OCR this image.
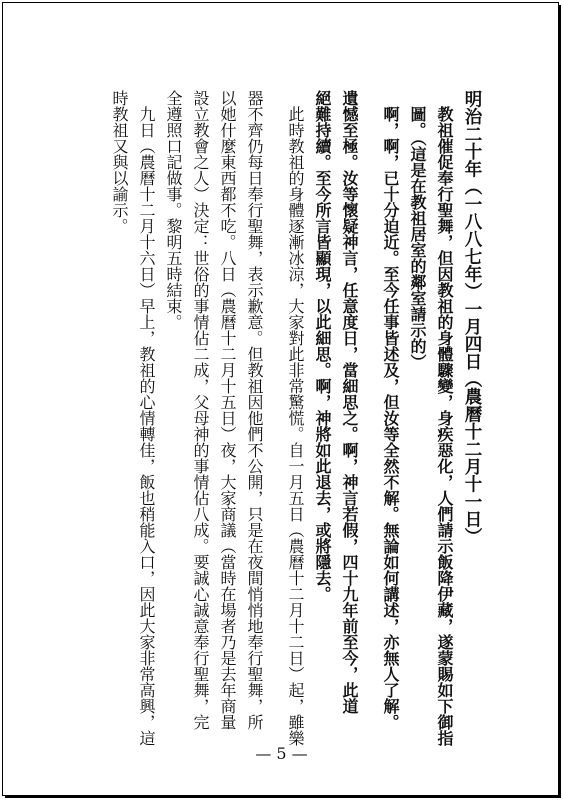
明治二十年（一八八七年）一月四日（農曆十二月十一日）

教祖催促奉行聖舞，但因教祖的身體驟變，身疾惡化，人們請示飯降伊藏，遂蒙賜如下御指

圖。（這是在教祖居室的鄰室請示的）

啊，啊，已十分迫近。至今任事皆述及，但汝等全然不解。無論如何講述，亦無人了解。

遺憾至極。汝等懷疑神言，任意度日，當細思之。啊，神言若假，四十九年前至今，此道

絕難持續。至今所言皆顯現，以此細思。啊，神將如此退去，或將隱去。

此時教祖的身體逐漸冰涼，大家對此非常驚慌。自一月五日（農曆十二月十二日）起，雖樂

器不齊仍每日奉行聖舞，表示歉意。但教祖因他們不公開，只是在夜間悄悄地奉行聖舞，所

以她什麼東西都不吃。八日（農曆十二月十五日）夜，大家商議（當時在場者乃是去年商量

設立教會之人）決定：世俗的事情佔二成，父母神的事情佔八成。要誠心誠意奉行聖舞，完

全遵照口記做事。黎明五時結束。

九日（農曆十二月十六日）早上，教祖的心情轉佳，飯也稍能入口，因此大家非常高興，這

時教祖又與以諭示。

— 5 —
